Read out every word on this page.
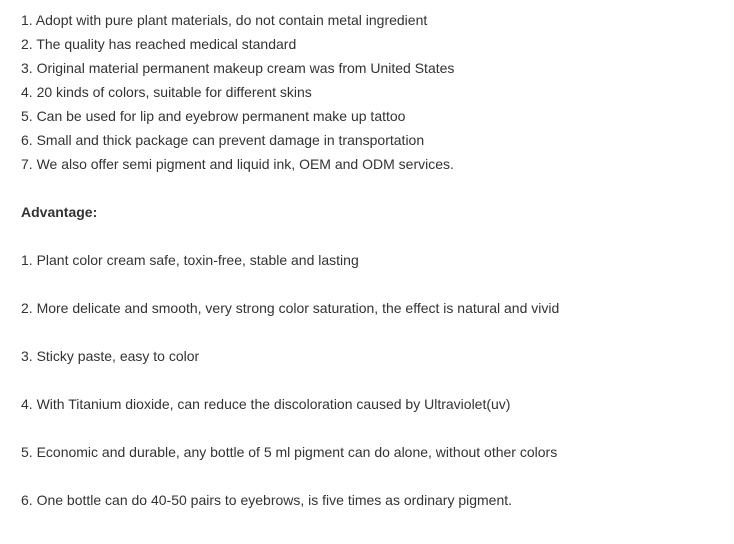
1. Adopt with pure plant materials, do not contain metal ingredient
2. The quality has reached medical standard
3. Original material permanent makeup cream was from United States
4. 20 kinds of colors, suitable for different skins
5. Can be used for lip and eyebrow permanent make up tattoo
6. Small and thick package can prevent damage in transportation
7. We also offer semi pigment and liquid ink, OEM and ODM services.
Advantage:
1. Plant color cream safe, toxin-free, stable and lasting
2. More delicate and smooth, very strong color saturation, the effect is natural and vivid
3. Sticky paste, easy to color
4. With Titanium dioxide, can reduce the discoloration caused by Ultraviolet(uv)
5. Economic and durable, any bottle of 5 ml pigment can do alone, without other colors
6. One bottle can do 40-50 pairs to eyebrows, is five times as ordinary pigment.
